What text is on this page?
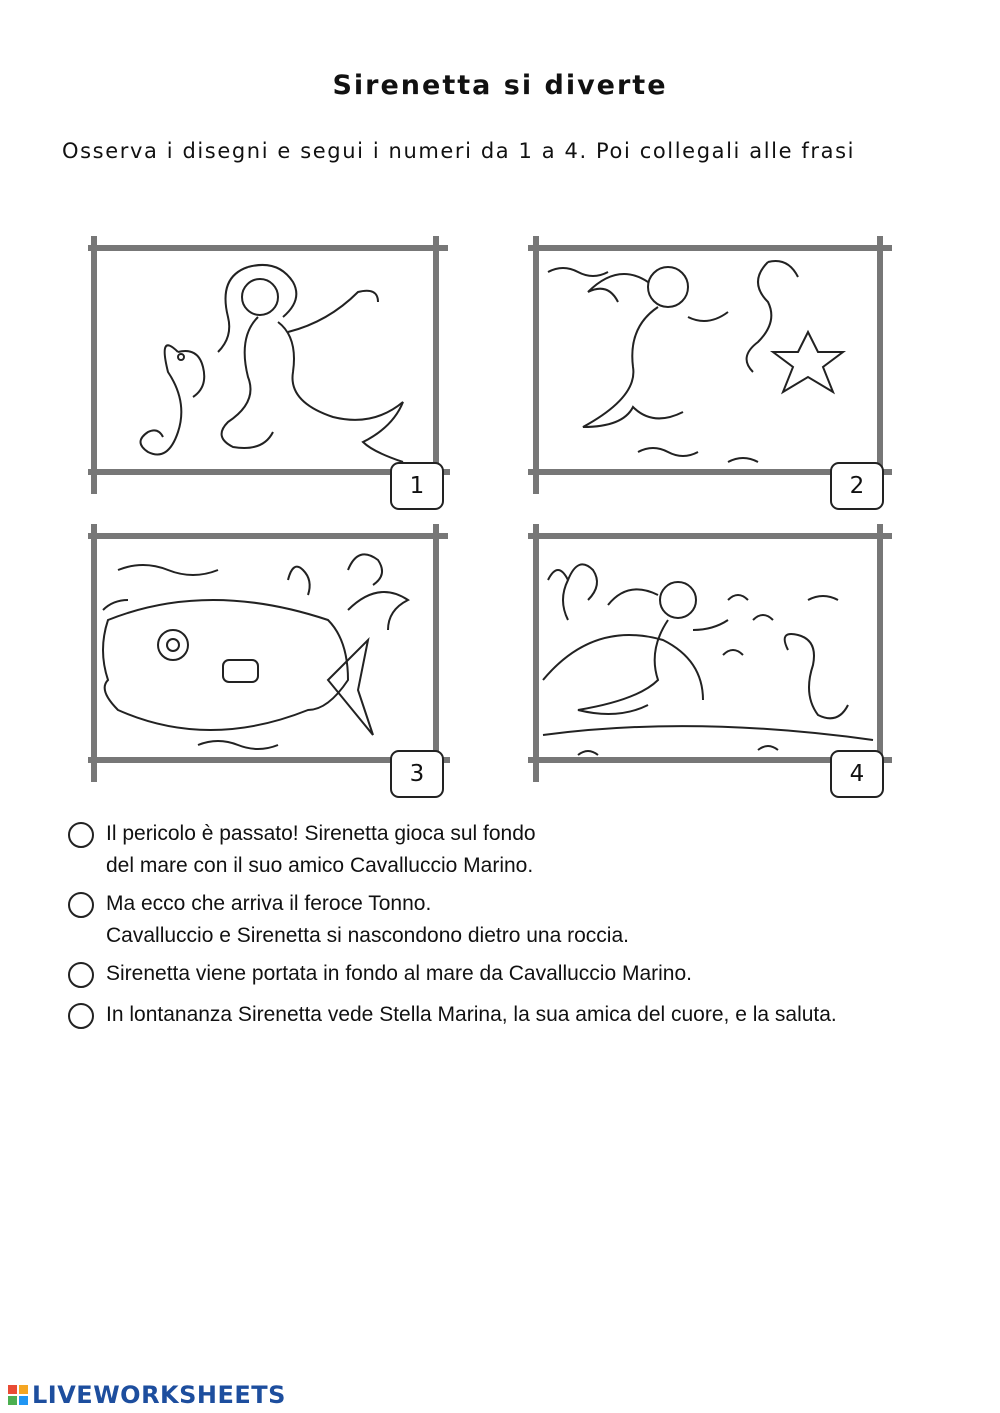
Sirenetta si diverte
Osserva i disegni e segui i numeri da 1 a 4. Poi collegali alle frasi
1	2
3	4
Il pericolo è passato! Sirenetta gioca sul fondo
del mare con il suo amico Cavalluccio Marino.
Ma ecco che arriva il feroce Tonno.
Cavalluccio e Sirenetta si nascondono dietro una roccia.
Sirenetta viene portata in fondo al mare da Cavalluccio Marino.
In lontananza Sirenetta vede Stella Marina, la sua amica del cuore, e la saluta.
LIVEWORKSHEETS
